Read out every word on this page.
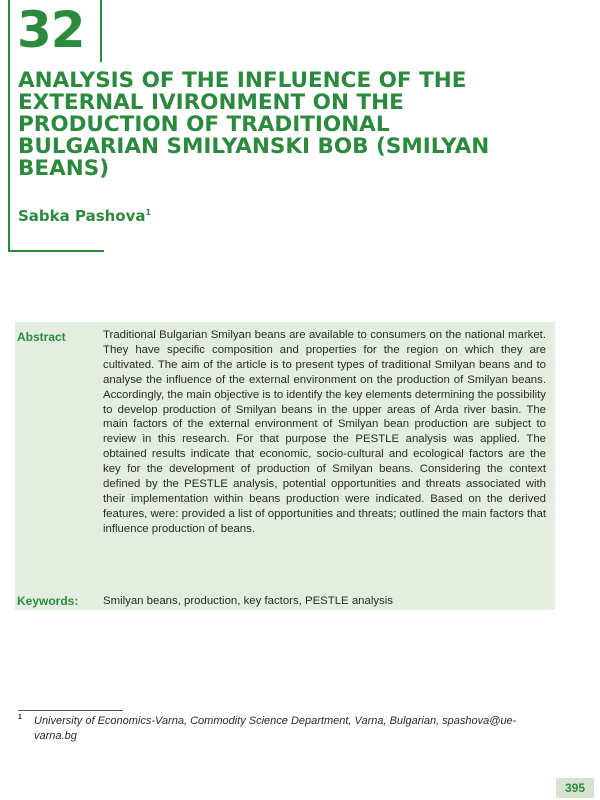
32
ANALYSIS OF THE INFLUENCE OF THE EXTERNAL IVIRONMENT ON THE PRODUCTION OF TRADITIONAL BULGARIAN SMILYANSKI BOB (SMILYAN BEANS)
Sabka Pashova$^1$
Abstract	Traditional Bulgarian Smilyan beans are available to consumers on the national market. They have specific composition and properties for the region on which they are cultivated. The aim of the article is to present types of traditional Smilyan beans and to analyse the influence of the external environment on the production of Smilyan beans. Accordingly, the main objective is to identify the key elements determining the possibility to develop production of Smilyan beans in the upper areas of Arda river basin. The main factors of the external environment of Smilyan bean production are subject to review in this research. For that purpose the PESTLE analysis was applied. The obtained results indicate that economic, socio-cultural and ecological factors are the key for the development of production of Smilyan beans. Considering the context defined by the PESTLE analysis, potential opportunities and threats associated with their implementation within beans production were indicated. Based on the derived features, were: provided a list of opportunities and threats; outlined the main factors that influence production of beans.

Keywords: Smilyan beans, production, key factors, PESTLE analysis
1 University of Economics-Varna, Commodity Science Department, Varna, Bulgarian, spashova@ue-varna.bg

395
